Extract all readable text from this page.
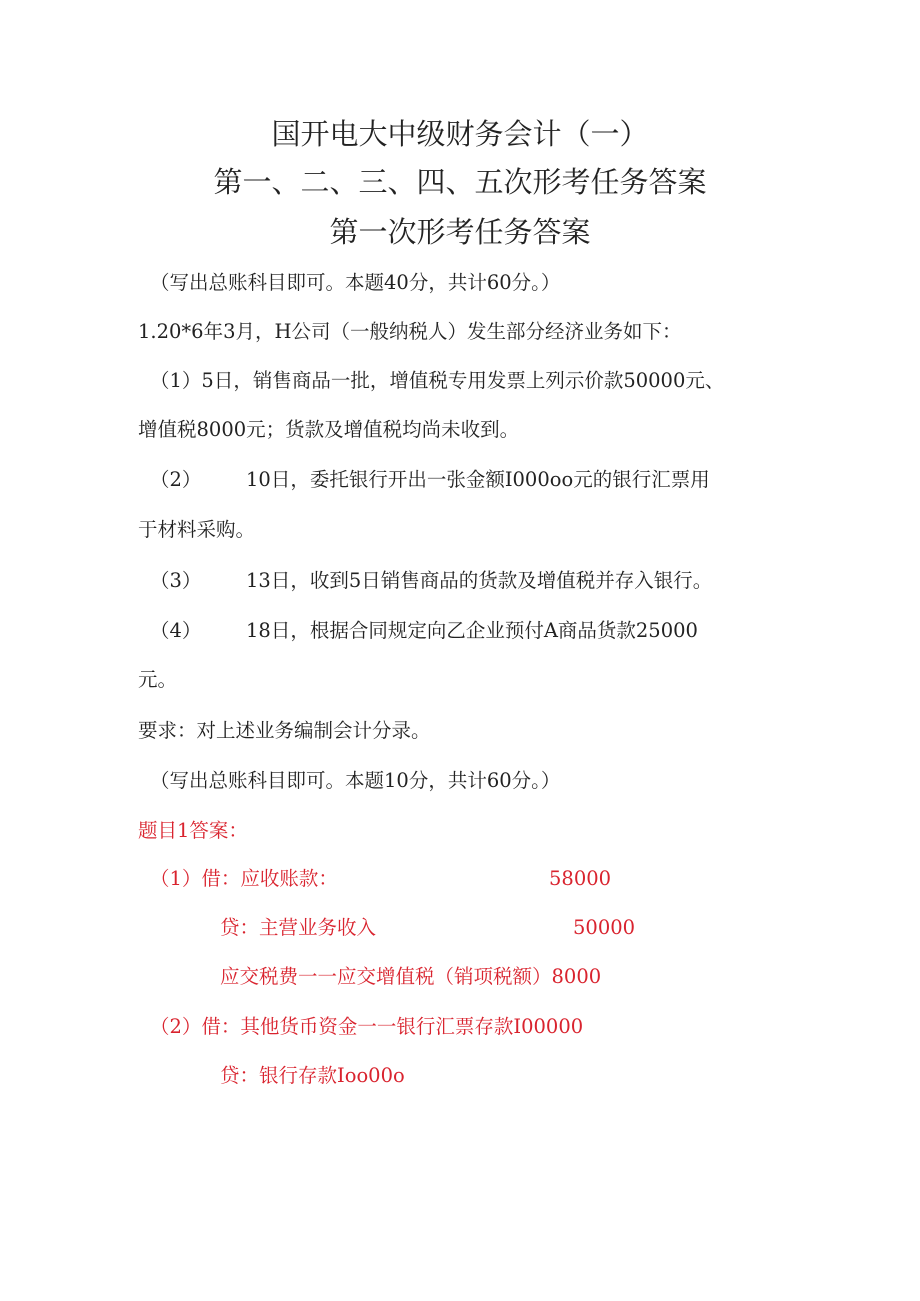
国开电大中级财务会计（一）
第一、二、三、四、五次形考任务答案
第一次形考任务答案
（写出总账科目即可。本题40分，共计60分。）
1.20*6年3月，H公司（一般纳税人）发生部分经济业务如下：
（1）5日，销售商品一批，增值税专用发票上列示价款50000元、
增值税8000元；货款及增值税均尚未收到。
（2） 10日，委托银行开出一张金额I000oo元的银行汇票用
于材料采购。
（3） 13日，收到5日销售商品的货款及增值税并存入银行。
（4） 18日，根据合同规定向乙企业预付A商品货款25000
元。
要求：对上述业务编制会计分录。
（写出总账科目即可。本题10分，共计60分。）
题目1答案：
（1）借：应收账款：	58000
贷：主营业务收入	50000
应交税费一一应交增值税（销项税额）8000
（2）借：其他货币资金一一银行汇票存款I00000
贷：银行存款Ioo00o
